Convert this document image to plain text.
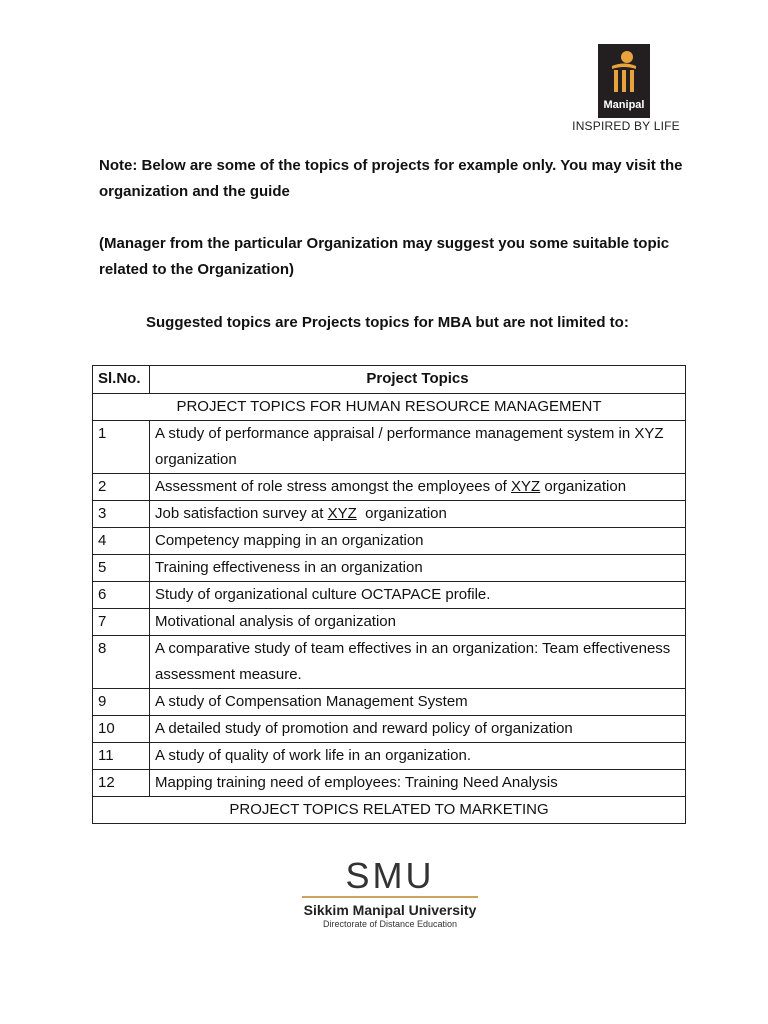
Manipal
INSPIRED BY LIFE
Note: Below are some of the topics of projects for example only. You may visit the organization and the guide
(Manager from the particular Organization may suggest you some suitable topic related to the Organization)
Suggested topics are Projects topics for MBA but are not limited to:
Sl.No.	Project Topics
PROJECT TOPICS FOR HUMAN RESOURCE MANAGEMENT	
1	A study of performance appraisal / performance management system in XYZ organization
2	Assessment of role stress amongst the employees of XYZ organization
3	Job satisfaction survey at XYZ  organization
4	Competency mapping in an organization
5	Training effectiveness in an organization
6	Study of organizational culture OCTAPACE profile.
7	Motivational analysis of organization
8	A comparative study of team effectives in an organization: Team effectiveness assessment measure.
9	A study of Compensation Management System
10	A detailed study of promotion and reward policy of organization
11	A study of quality of work life in an organization.
12	Mapping training need of employees: Training Need Analysis
PROJECT TOPICS RELATED TO MARKETING	
SMU
Sikkim Manipal University
Directorate of Distance Education
